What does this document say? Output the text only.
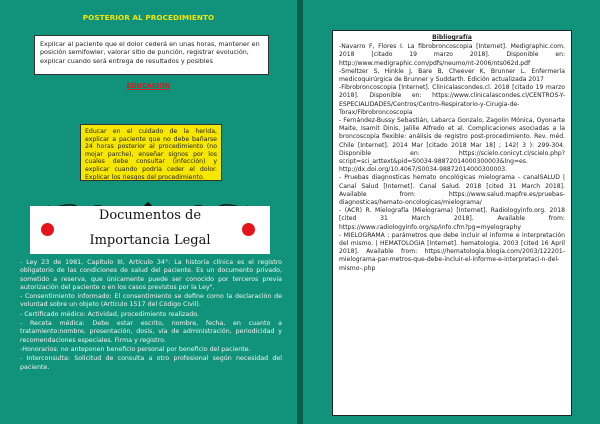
POSTERIOR AL PROCEDIMIENTO
Explicar al paciente que el dolor cederá en unas horas, mantener en posición semifowler, valorar sitio de punción, registrar evolución, explicar cuando será entrega de resultados y posibles
EDUCACION
Educar en el cuidado de la herida, explicar a paciente que no debe bañarse 24 horas posterior al procedimiento (no mojar parche), enseñar signos por los cuales debe consultar (infección) y explicar cuando podría ceder el dolor. Explicar los riesgos del procedimiento.
Documentos de
Importancia Legal

- Ley 23 de 1981, Capítulo III, Artículo 34°: La historia clínica es el registro obligatorio de las condiciones de salud del paciente. Es un documento privado, sometido a reserva, que únicamente puede ser conocido por terceros previa autorización del paciente o en los casos previstos por la Ley".

- Consentimiento informado: El consentimiento se define como la declaración de voluntad sobre un objeto (Artículo 1517 del Código Civil).

- Certificado médico: Actividad, procedimiento realizado.

- Receta médica: Debe estar escrito, nombre, fecha, en cuanto a tratamiento:nombre, presentación, dosis, vía de administración, periodicidad y recomendaciones especiales. Firma y registro.

-Honorarios: no anteponen beneficio personal por beneficio del paciente.

- Interconsulta: Solicitud de consulta a otro profesional según necesidad del paciente.

Bibliografía

-Navarro F, Flores I. La fibrobroncoscopia [Internet]. Medigraphic.com. 2018 [citado 19 marzo 2018]. Disponible en: http://www.medigraphic.com/pdfs/neumo/nt-2006/nts062d.pdf

-Smeltzer S, Hinkle J, Bare B, Cheever K, Brunner L. Enfermería medicoquirúrgica de Brunner y Suddarth. Edición actualizada 2017

-Fibrobroncoscopia [Internet]. Clinicalascondes.cl. 2018 [citado 19 marzo 2018]. Disponible en: https://www.clinicalascondes.cl/CENTROS-Y-ESPECIALIDADES/Centros/Centro-Respiratorio-y-Cirugia-de-Torax/Fibrobroncoscopia

- Fernández-Bussy Sebastián, Labarca Gonzalo, Zagolin Mónica, Oyonarte Maite, Isamit Dinis, Jalilie Alfredo et al. Complicaciones asociadas a la broncoscopía flexible: análisis de registro post-procedimiento. Rev. méd. Chile [Internet]. 2014 Mar [citado 2018 Mar 18] ; 142( 3 ): 299-304. Disponible en: https://scielo.conicyt.cl/scielo.php?script=sci_arttext&pid=S0034-98872014000300003&lng=es. http://dx.doi.org/10.4067/S0034-98872014000300003.

- Pruebas diagnosticas hemato oncológicas mielograma - canalSALUD | Canal Salud [Internet]. Canal Salud. 2018 [cited 31 March 2018]. Available from: https://www.salud.mapfre.es/pruebas-diagnosticas/hemato-oncologicas/mielograma/

- (ACR) R. Mielografía (Mielograma) [Internet]. Radiologyinfo.org. 2018 [cited 31 March 2018]. Available from: https://www.radiologyinfo.org/sp/info.cfm?pg=myelography

- MIELOGRAMA ; parámetros que debe incluir el informe e interpretación del mismo. | HEMATOLOGIA [Internet]. hematologia. 2003 [cited 16 April 2018]. Available from: https://hematologia.blogia.com/2003/122201-mielograma-par-metros-que-debe-incluir-el-informe-e-interpretaci-n-del-mismo-.php
